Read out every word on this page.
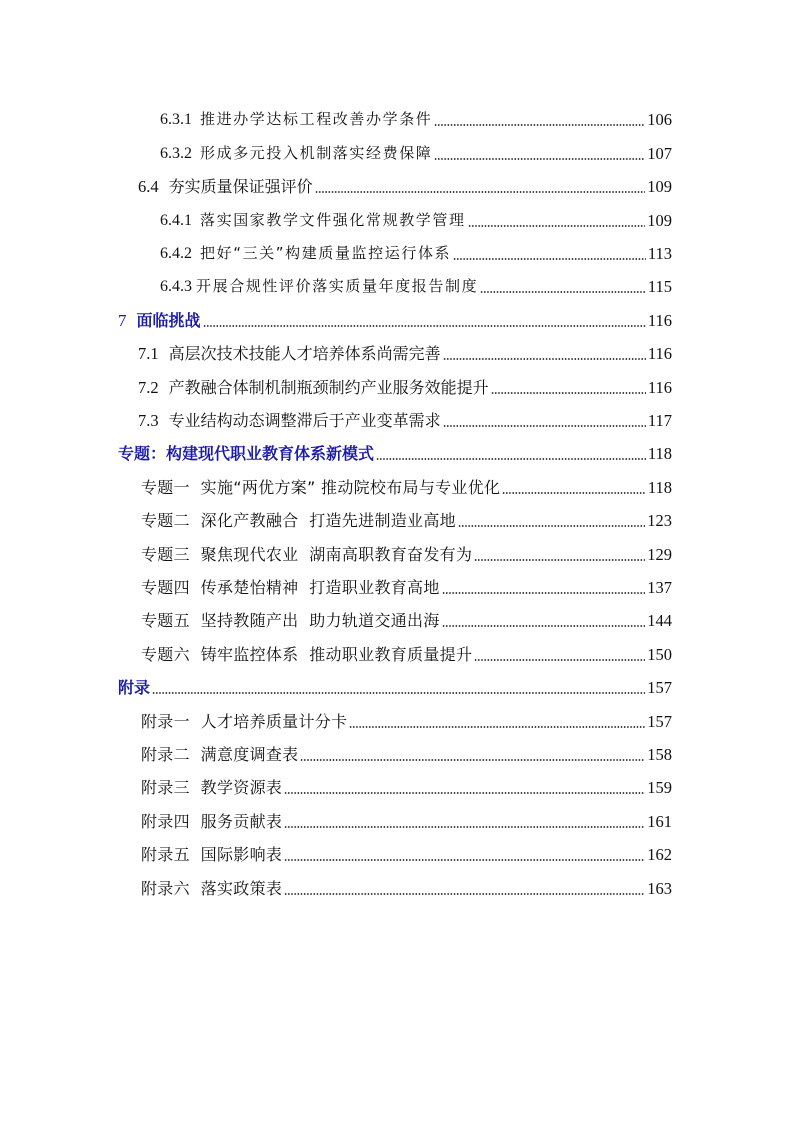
6.3.1 推进办学达标工程改善办学条件	106
6.3.2 形成多元投入机制落实经费保障	107
6.4 夯实质量保证强评价	109
6.4.1 落实国家教学文件强化常规教学管理	109
6.4.2 把好“三关”构建质量监控运行体系	113
6.4.3 开展合规性评价落实质量年度报告制度	115
7 面临挑战	116
7.1 高层次技术技能人才培养体系尚需完善	116
7.2 产教融合体制机制瓶颈制约产业服务效能提升	116
7.3 专业结构动态调整滞后于产业变革需求	117
专题：构建现代职业教育体系新模式	118
专题一  实施“两优方案” 推动院校布局与专业优化	118
专题二  深化产教融合  打造先进制造业高地	123
专题三  聚焦现代农业  湖南高职教育奋发有为	129
专题四  传承楚怡精神  打造职业教育高地	137
专题五  坚持教随产出  助力轨道交通出海	144
专题六  铸牢监控体系  推动职业教育质量提升	150
附录	157
附录一  人才培养质量计分卡	157
附录二  满意度调查表	158
附录三  教学资源表	159
附录四  服务贡献表	161
附录五  国际影响表	162
附录六  落实政策表	163
